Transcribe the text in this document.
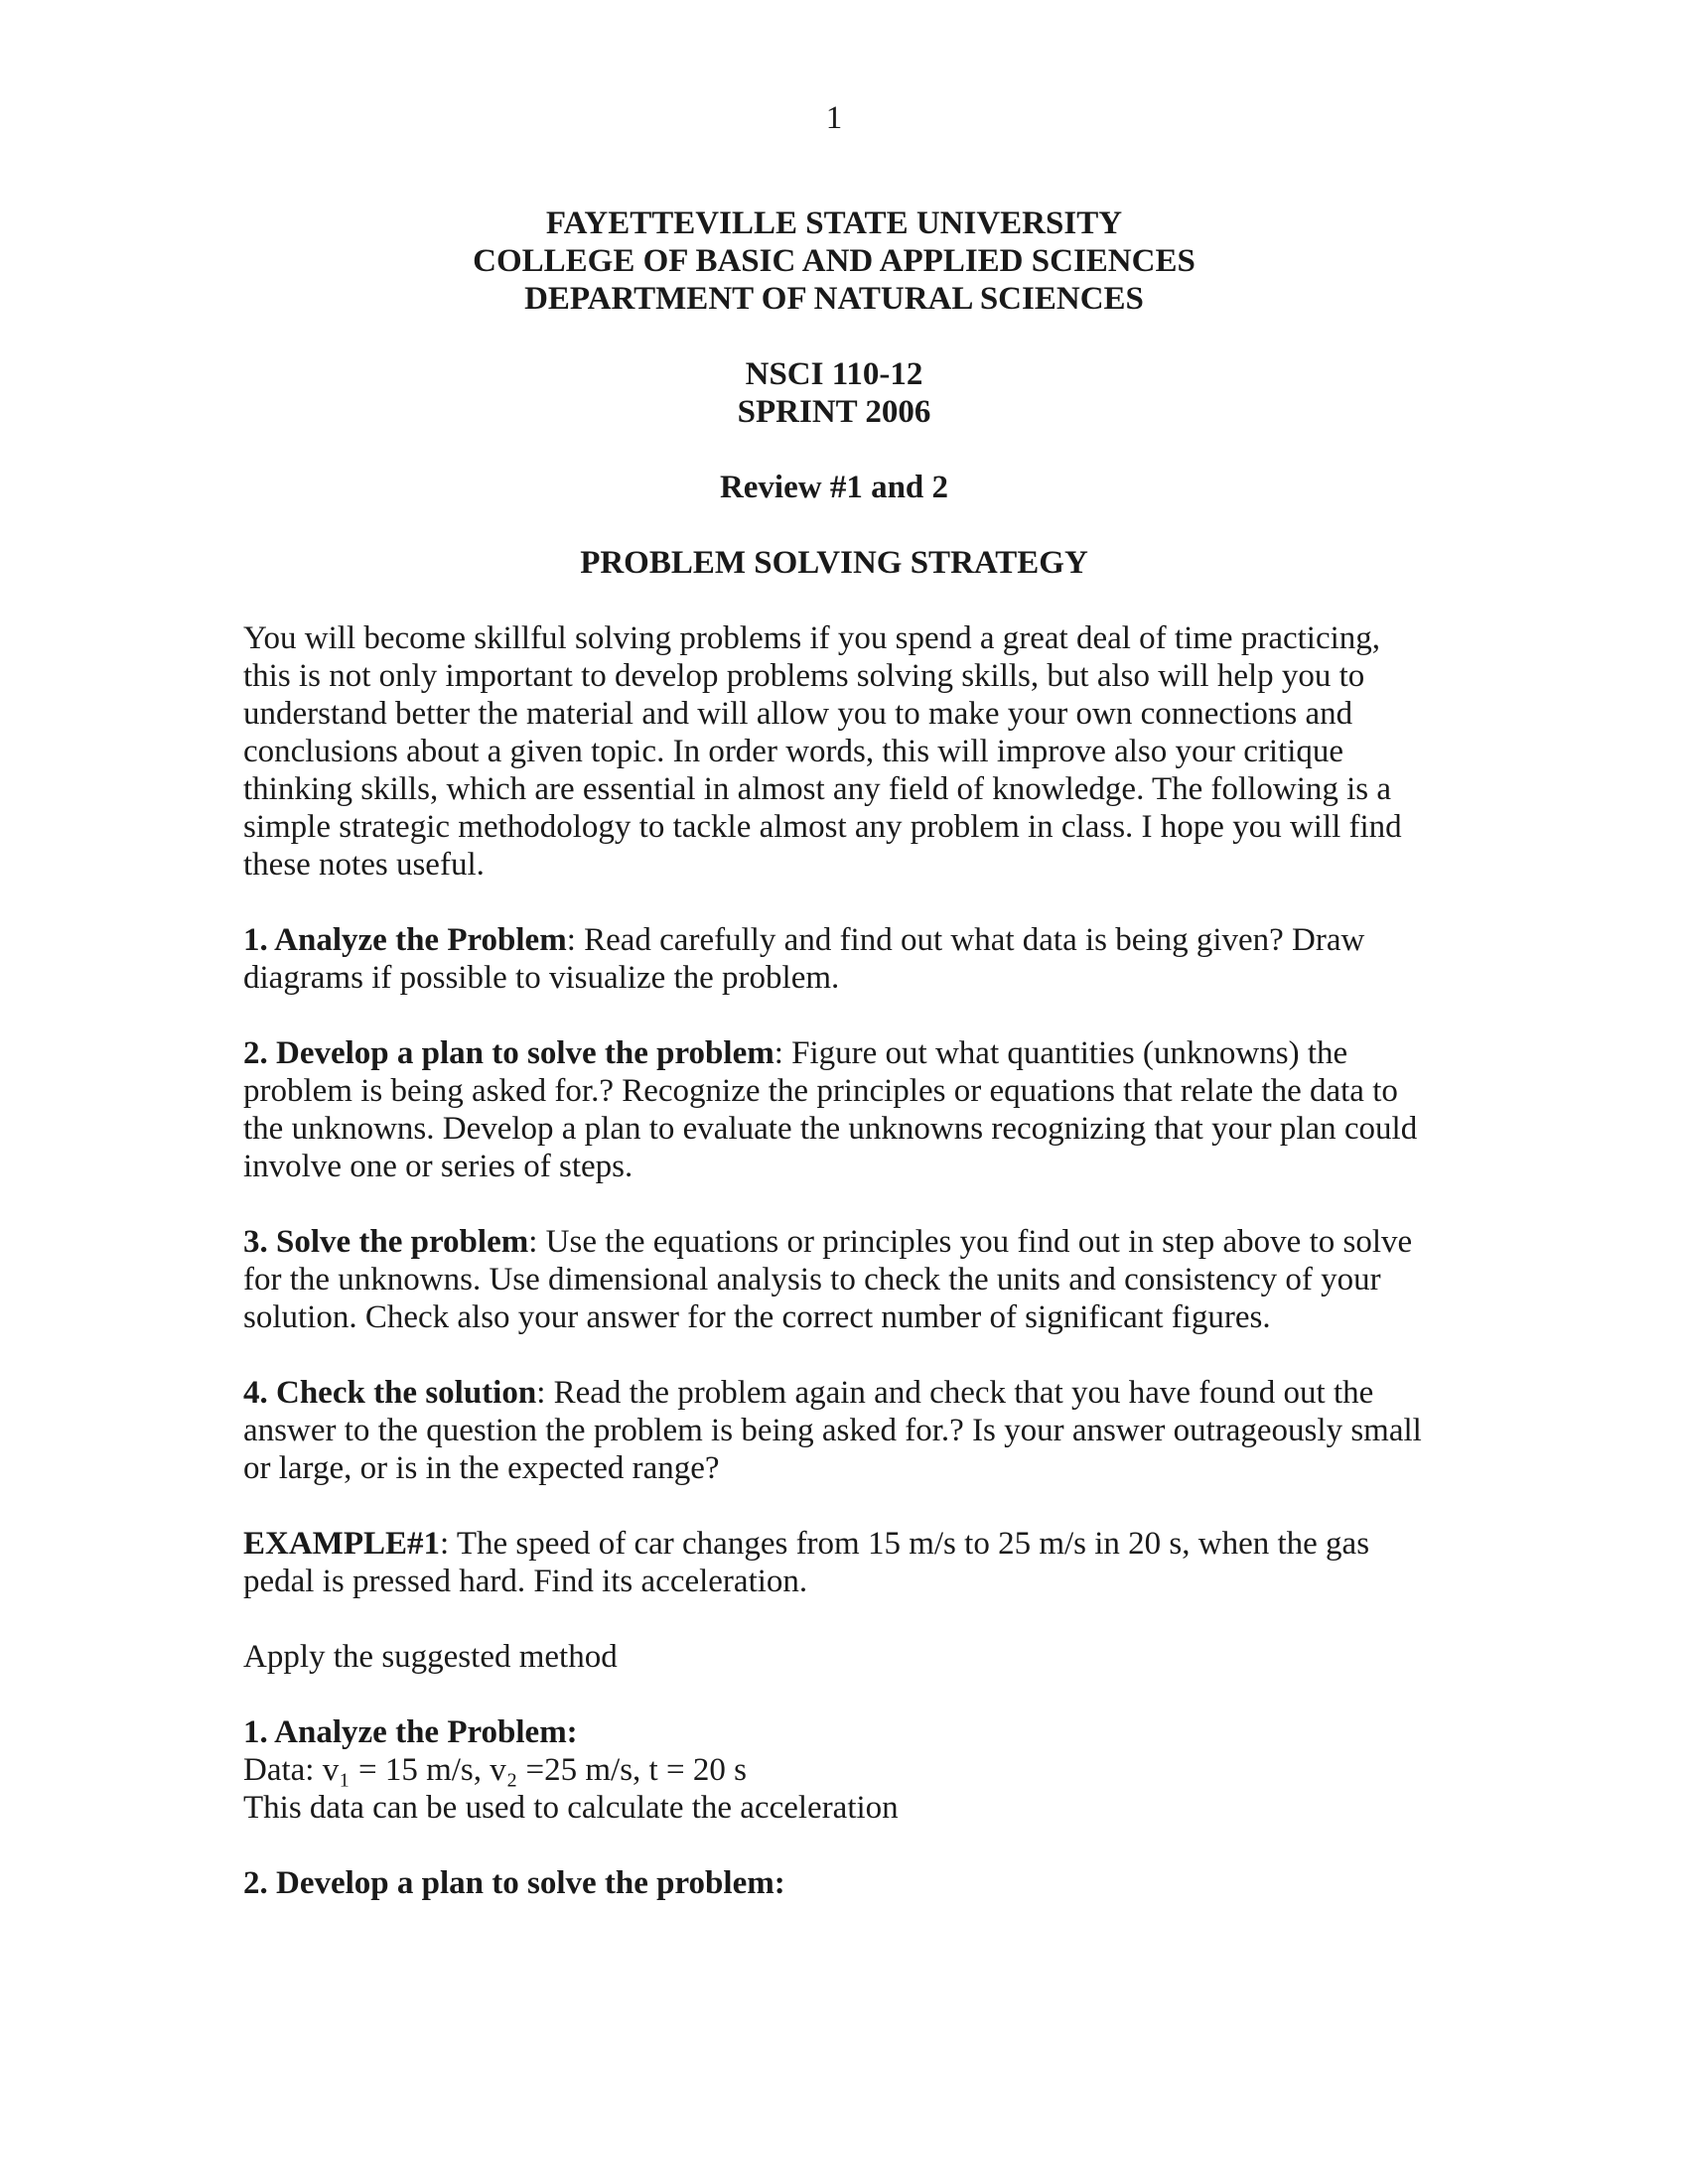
1
FAYETTEVILLE STATE UNIVERSITY
COLLEGE OF BASIC AND APPLIED SCIENCES
DEPARTMENT OF NATURAL SCIENCES
NSCI 110-12
SPRINT 2006
Review #1 and 2
PROBLEM SOLVING STRATEGY

You will become skillful solving problems if you spend a great deal of time practicing, this is not only important to develop problems solving skills, but also will help you to understand better the material and will allow you to make your own connections and conclusions about a given topic. In order words, this will improve also your critique thinking skills, which are essential in almost any field of knowledge. The following is a simple strategic methodology to tackle almost any problem in class. I hope you will find these notes useful.

1. Analyze the Problem: Read carefully and find out what data is being given? Draw diagrams if possible to visualize the problem.

2. Develop a plan to solve the problem: Figure out what quantities (unknowns) the problem is being asked for.? Recognize the principles or equations that relate the data to the unknowns. Develop a plan to evaluate the unknowns recognizing that your plan could involve one or series of steps.

3. Solve the problem: Use the equations or principles you find out in step above to solve for the unknowns. Use dimensional analysis to check the units and consistency of your solution. Check also your answer for the correct number of significant figures.

4. Check the solution: Read the problem again and check that you have found out the answer to the question the problem is being asked for.? Is your answer outrageously small or large, or is in the expected range?

EXAMPLE#1: The speed of car changes from 15 m/s to 25 m/s in 20 s, when the gas pedal is pressed hard. Find its acceleration.

Apply the suggested method

1. Analyze the Problem:
Data: v₁ = 15 m/s, v₂ =25 m/s, t = 20 s
This data can be used to calculate the acceleration
2. Develop a plan to solve the problem:
